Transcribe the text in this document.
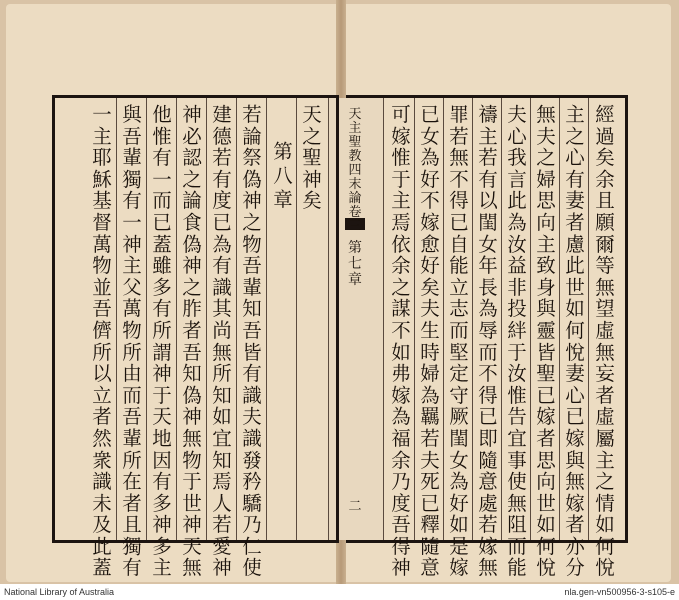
經過矣余且願爾等無望虛無妄者虛屬主之情如何悅
主之心有妻者慮此世如何悅妻心已嫁與無嫁者亦分
無夫之婦思向主致身與靈皆聖已嫁者思向世如何悅
夫心我言此為汝益非投絆于汝惟告宜事使無阻而能
禱主若有以閨女年長為辱而不得已即隨意處若嫁無
罪若無不得已自能立志而堅定守厥閨女為好如是嫁
已女為好不嫁愈好矣夫生時婦為羈若夫死已釋隨意
可嫁惟于主焉依余之謀不如弗嫁為福余乃度吾得神
天主聖教四末論卷三
第七章
二
天之聖神矣
第八章
若論祭偽神之物吾輩知吾皆有識夫識發矜驕乃仁使
建德若有度已為有識其尚無所知如宜知焉人若愛神
神必認之論食偽神之胙者吾知偽神無物于世神天無
他惟有一而已蓋雖多有所謂神于天地因有多神多主
與吾輩獨有一神主父萬物所由而吾輩所在者且獨有
一主耶穌基督萬物並吾儕所以立者然衆識未及此蓋
National Library of Australia	nla.gen-vn500956-3-s105-e
